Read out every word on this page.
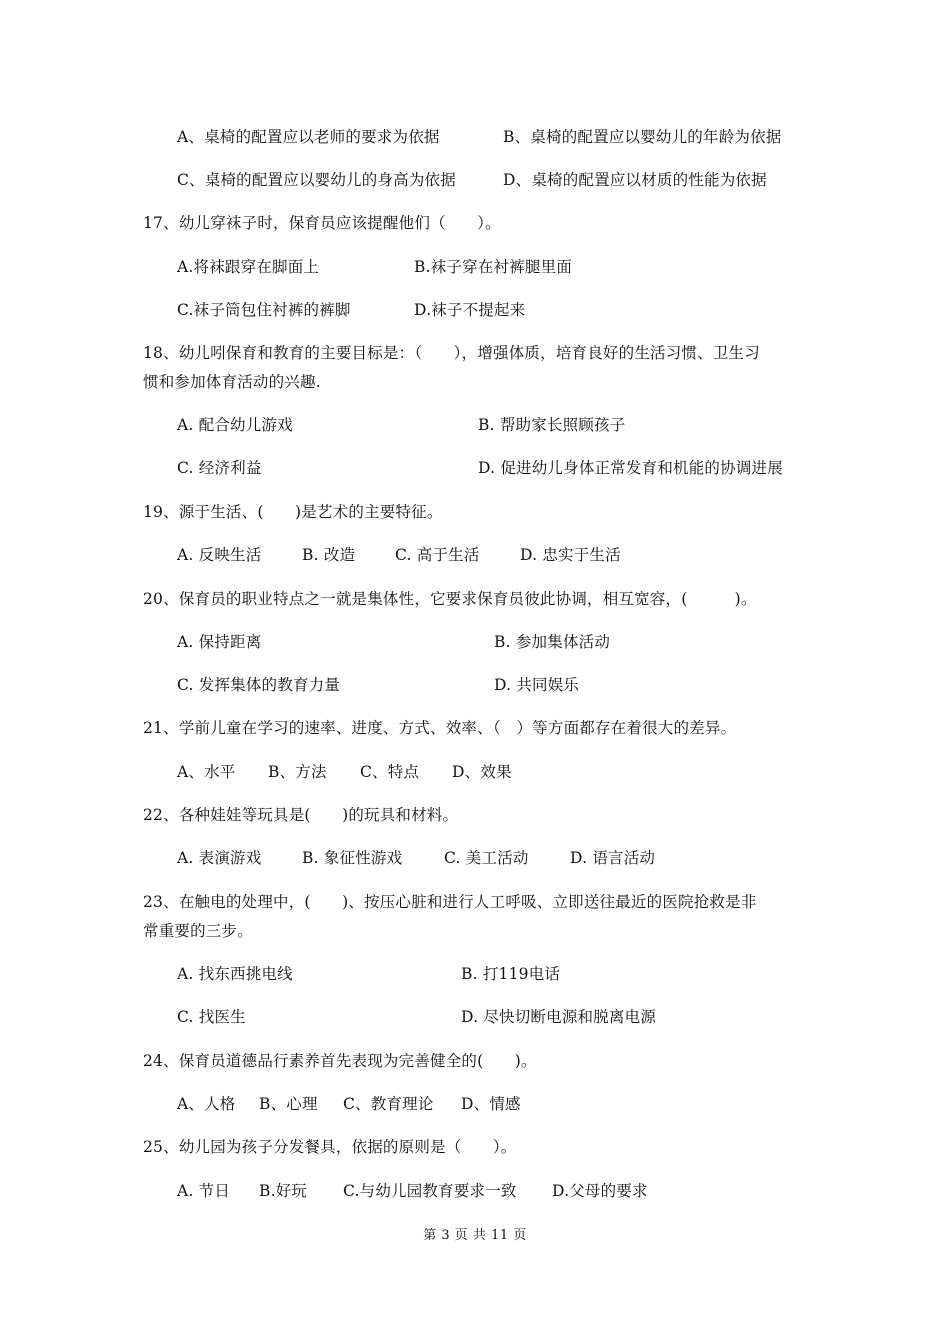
A、桌椅的配置应以老师的要求为依据	B、桌椅的配置应以婴幼儿的年龄为依据
C、桌椅的配置应以婴幼儿的身高为依据	D、桌椅的配置应以材质的性能为依据
17、幼儿穿袜子时，保育员应该提醒他们（　　）。
A.将袜跟穿在脚面上	B.袜子穿在衬裤腿里面
C.袜子筒包住衬裤的裤脚	D.袜子不提起来
18、幼儿吲保育和教育的主要目标是：（　　），增强体质，培育良好的生活习惯、卫生习
惯和参加体育活动的兴趣.
A. 配合幼儿游戏	B. 帮助家长照顾孩子
C. 经济利益	D. 促进幼儿身体正常发育和机能的协调进展
19、源于生活、(　　)是艺术的主要特征。
A. 反映生活	B. 改造	C. 高于生活	D. 忠实于生活
20、保育员的职业特点之一就是集体性，它要求保育员彼此协调，相互宽容，(　　　)。
A. 保持距离	B. 参加集体活动
C. 发挥集体的教育力量	D. 共同娱乐
21、学前儿童在学习的速率、进度、方式、效率、（　）等方面都存在着很大的差异。
A、水平 B、方法 C、特点 D、效果
22、各种娃娃等玩具是(　　)的玩具和材料。
A. 表演游戏	B. 象征性游戏	C. 美工活动	D. 语言活动
23、在触电的处理中，(　　)、按压心脏和进行人工呼吸、立即送往最近的医院抢救是非
常重要的三步。
A. 找东西挑电线	B. 打119电话
C. 找医生	D. 尽快切断电源和脱离电源
24、保育员道德品行素养首先表现为完善健全的(　　)。
A、人格 B、心理 C、教育理论 D、情感
25、幼儿园为孩子分发餐具，依据的原则是（　　）。
A. 节日 B.好玩 C.与幼儿园教育要求一致 D.父母的要求
第 3 页 共 11 页
